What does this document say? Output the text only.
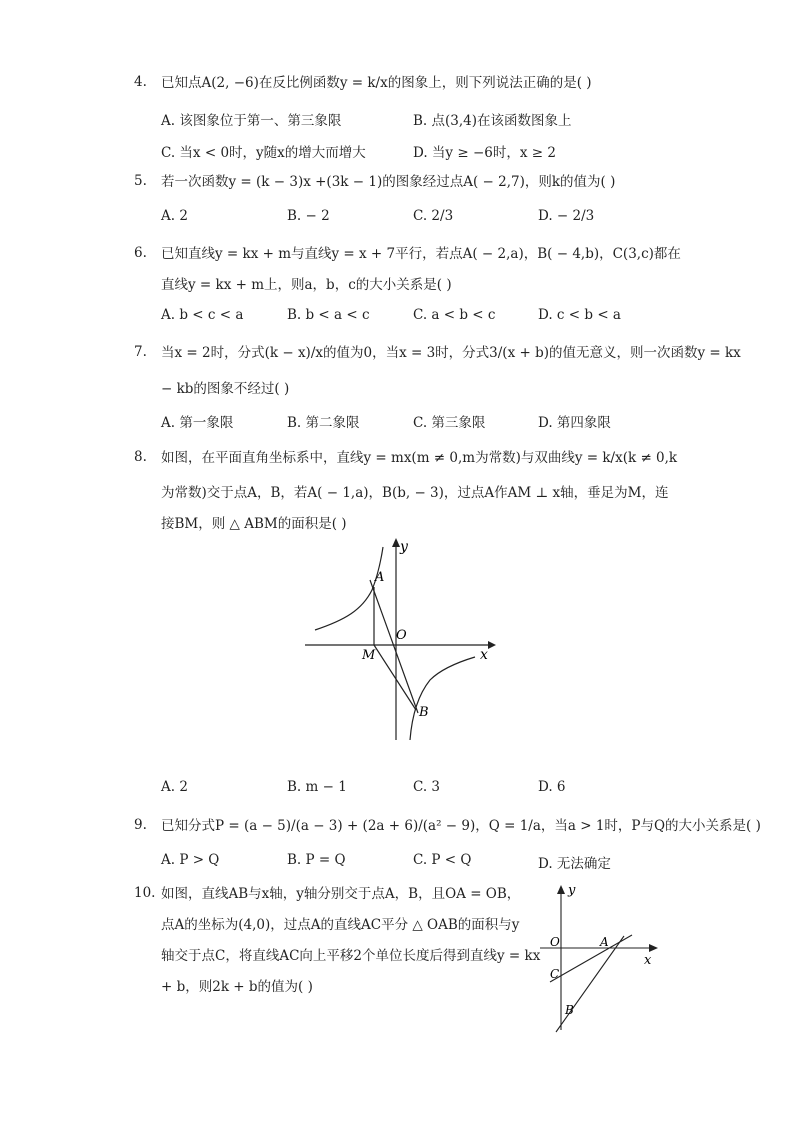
4. 已知点A(2, −6)在反比例函数y = k/x的图象上，则下列说法正确的是( )
A. 该图象位于第一、第三象限	B. 点(3,4)在该函数图象上
C. 当x < 0时，y随x的增大而增大	D. 当y ≥ −6时，x ≥ 2
5. 若一次函数y = (k − 3)x +(3k − 1)的图象经过点A( − 2,7)，则k的值为( )
A. 2	B. − 2	C. 2/3	D. − 2/3
6. 已知直线y = kx + m与直线y = x + 7平行，若点A( − 2,a)，B( − 4,b)，C(3,c)都在
直线y = kx + m上，则a，b，c的大小关系是( )
A. b < c < a	B. b < a < c	C. a < b < c	D. c < b < a
7. 当x = 2时，分式(k − x)/x的值为0，当x = 3时，分式3/(x + b)的值无意义，则一次函数y = kx
− kb的图象不经过( )
A. 第一象限	B. 第二象限	C. 第三象限	D. 第四象限
8. 如图，在平面直角坐标系中，直线y = mx(m ≠ 0,m为常数)与双曲线y = k/x(k ≠ 0,k
为常数)交于点A，B，若A( − 1,a)，B(b, − 3)，过点A作AM ⊥ x轴，垂足为M，连
接BM，则 △ ABM的面积是( )
y
x
O
A
B
M
A. 2	B. m − 1	C. 3	D. 6
9. 已知分式P = (a − 5)/(a − 3) + (2a + 6)/(a² − 9)，Q = 1/a，当a > 1时，P与Q的大小关系是( )
A. P > Q	B. P = Q	C. P < Q	D. 无法确定
10. 如图，直线AB与x轴，y轴分别交于点A，B，且OA = OB，
点A的坐标为(4,0)，过点A的直线AC平分 △ OAB的面积与y
轴交于点C，将直线AC向上平移2个单位长度后得到直线y = kx
+ b，则2k + b的值为( )
y
x
O	A
C
B
